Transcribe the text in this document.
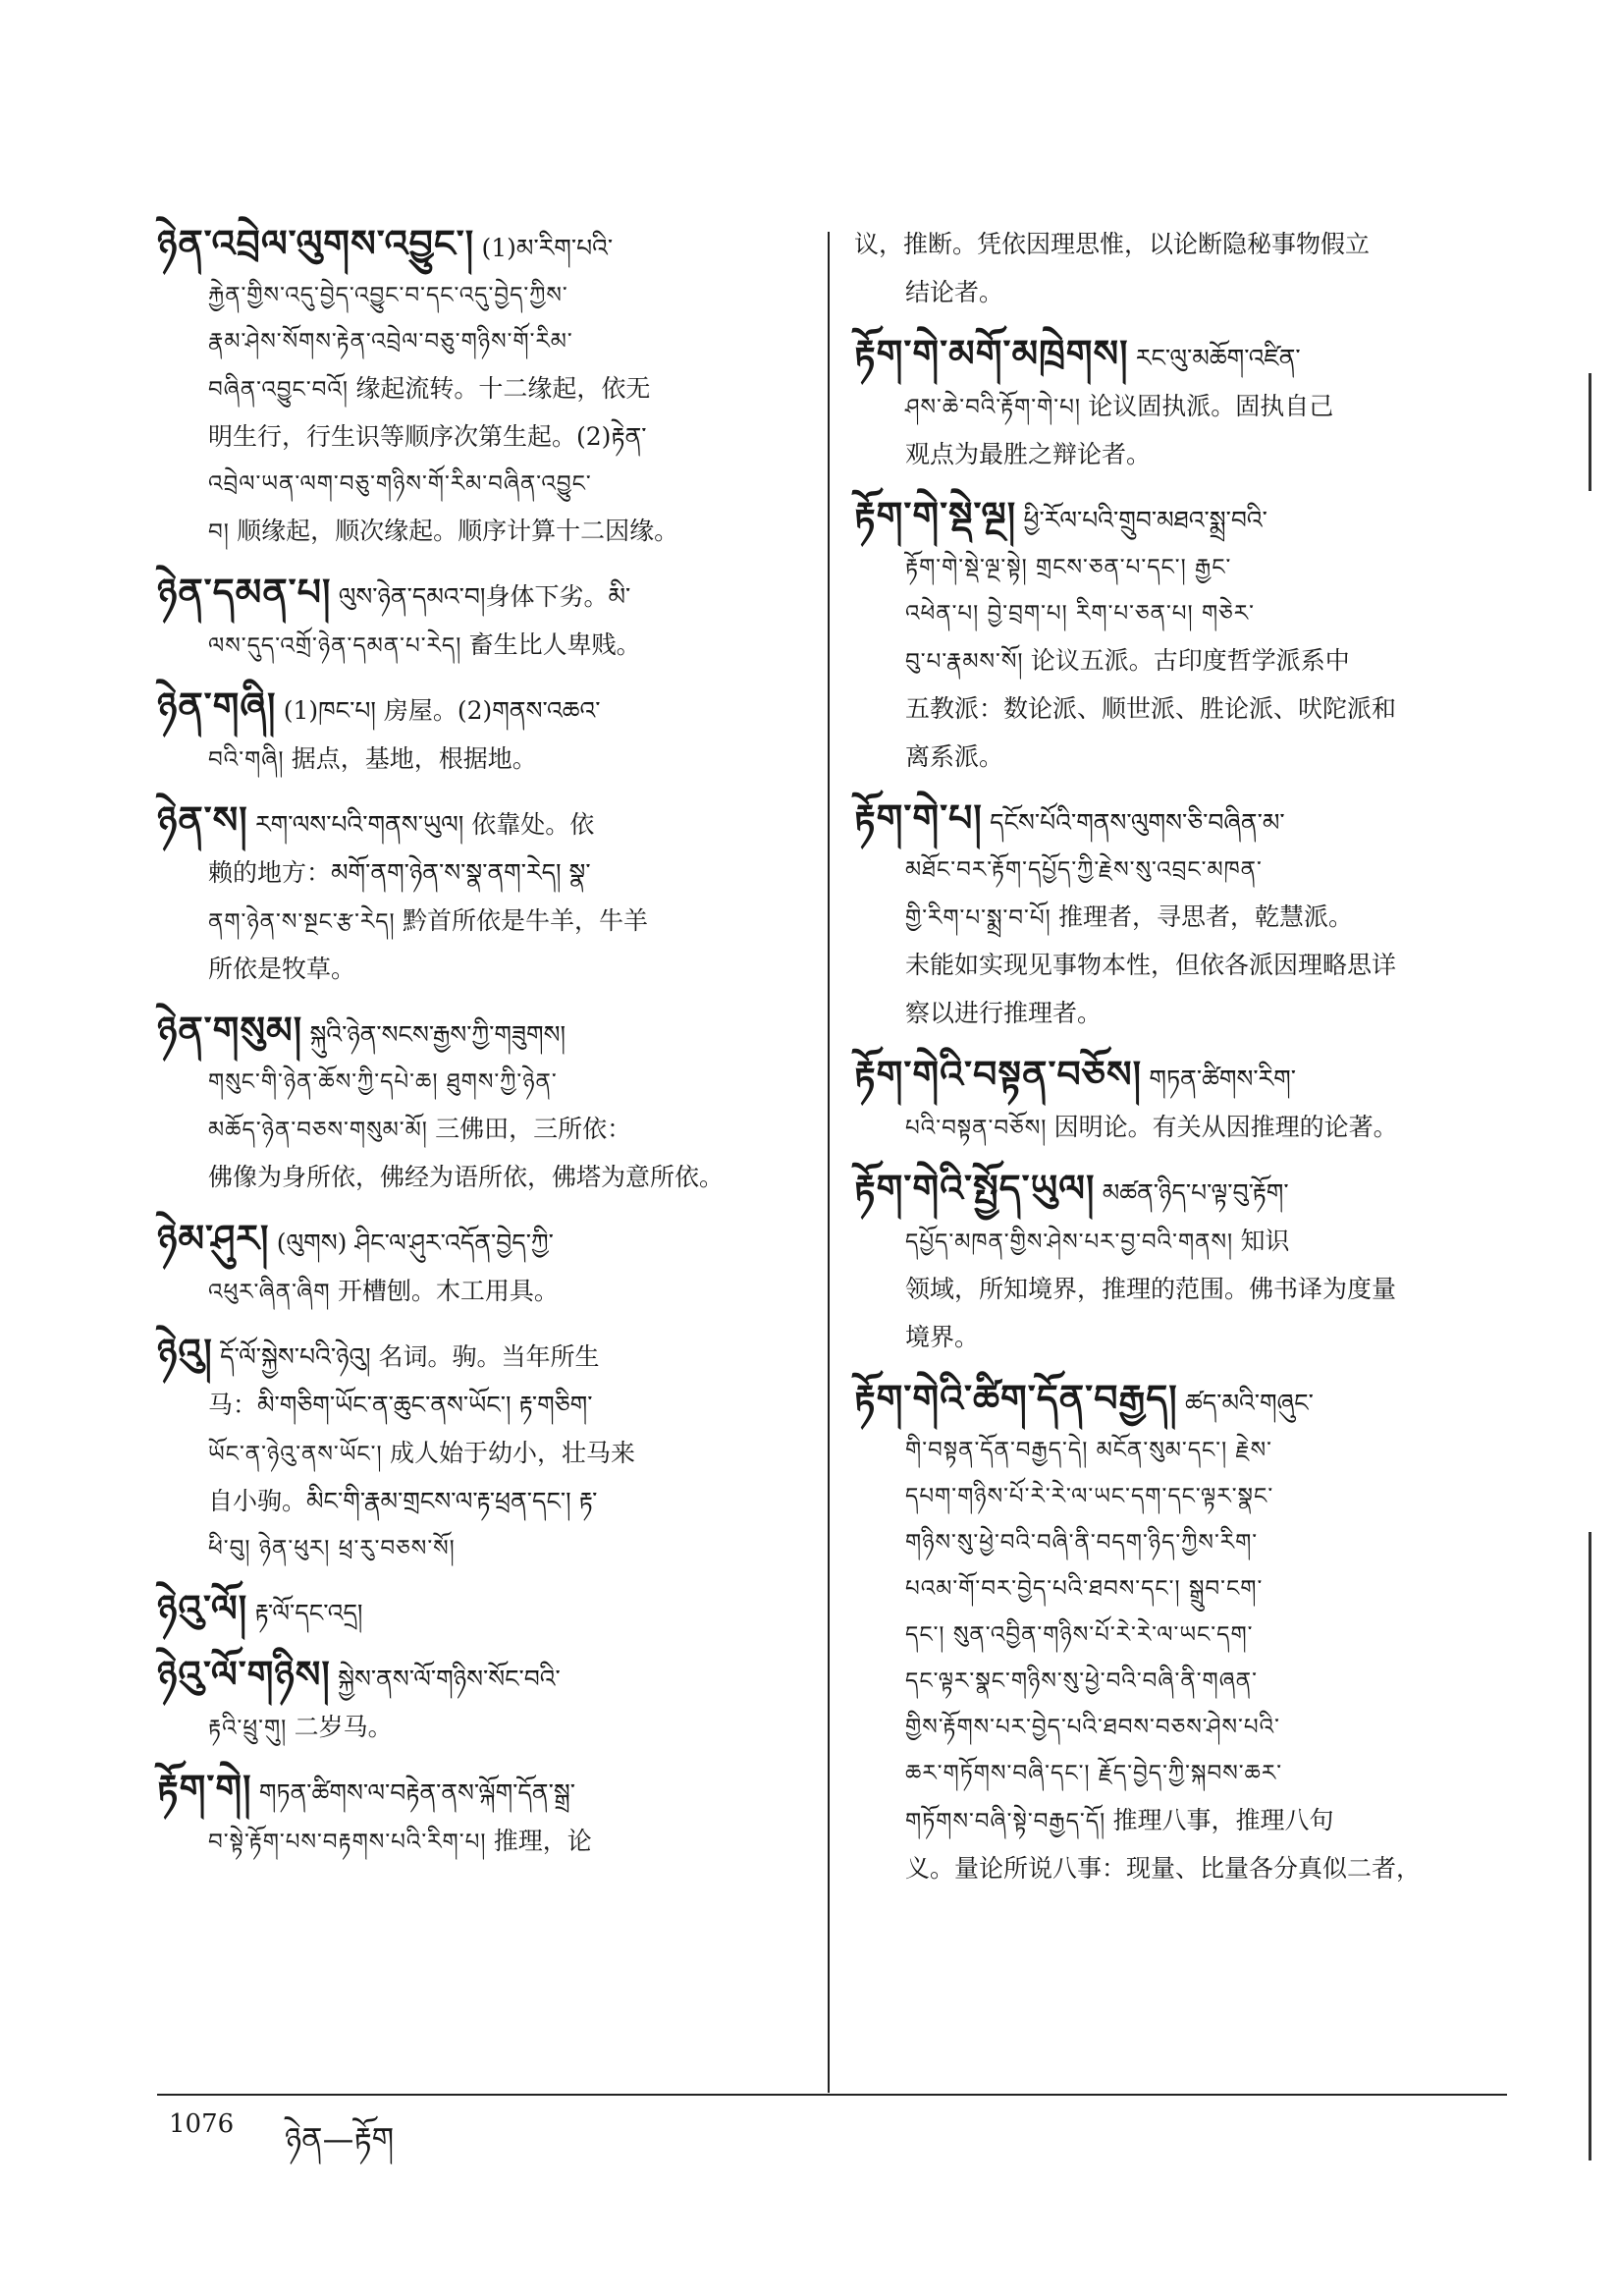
ཉེན་འབྲེལ་ལུགས་འབྱུང་། (1)མ་རིག་པའི་

རྐྱེན་གྱིས་འདུ་བྱེད་འབྱུང་བ་དང་འདུ་བྱེད་ཀྱིས་

རྣམ་ཤེས་སོགས་རྟེན་འབྲེལ་བཅུ་གཉིས་གོ་རིམ་

བཞིན་འབྱུང་བའོ། 缘起流转。十二缘起，依无

明生行，行生识等顺序次第生起。(2)རྟེན་

འབྲེལ་ཡན་ལག་བཅུ་གཉིས་གོ་རིམ་བཞིན་འབྱུང་

བ། 顺缘起，顺次缘起。顺序计算十二因缘。

ཉེན་དམན་པ། ལུས་ཉེན་དམའ་བ།身体下劣。མི་

ལས་དུད་འགྲོ་ཉེན་དམན་པ་རེད། 畜生比人卑贱。

ཉེན་གཞི། (1)ཁང་པ། 房屋。(2)གནས་འཆའ་

བའི་གཞི། 据点，基地，根据地。

ཉེན་ས། རག་ལས་པའི་གནས་ཡུལ། 依靠处。依

赖的地方：མགོ་ནག་ཉེན་ས་སྣ་ནག་རེད། སྣ་

ནག་ཉེན་ས་སྔང་རྩ་རེད། 黔首所依是牛羊，牛羊

所依是牧草。

ཉེན་གསུམ། སྐུའི་ཉེན་སངས་རྒྱས་ཀྱི་གཟུགས།

གསུང་གི་ཉེན་ཆོས་ཀྱི་དཔེ་ཆ། ཐུགས་ཀྱི་ཉེན་

མཆོད་ཉེན་བཅས་གསུམ་མོ། 三佛田，三所依：

佛像为身所依，佛经为语所依，佛塔为意所依。

ཉེམ་ཤུར། (ལུགས) ཤིང་ལ་ཤུར་འདོན་བྱེད་ཀྱི་

འཕུར་ཞིན་ཞིག 开槽刨。木工用具。

ཉེའུ། དོ་ལོ་སྐྱེས་པའི་ཉེའུ། 名词。驹。当年所生

马：མི་གཅིག་ཡོང་ན་ཆུང་ནས་ཡོང་། རྟ་གཅིག་

ཡོང་ན་ཉེའུ་ནས་ཡོང་། 成人始于幼小，壮马来

自小驹。མིང་གི་རྣམ་གྲངས་ལ་རྟ་ཕྲན་དང་། རྟ་

ཕི་བུ། ཉེན་ཕུར། ཕྲ་རུ་བཅས་སོ།

ཉེའུ་ལོ། རྟ་ལོ་དང་འདྲ།

ཉེའུ་ལོ་གཉིས། སྐྱེས་ནས་ལོ་གཉིས་སོང་བའི་

རྟའི་ཕྲུ་གུ། 二岁马。

རྟོག་གེ། གཏན་ཚིགས་ལ་བརྟེན་ནས་ལྐོག་དོན་སྒྲ་

བ་སྟེ་རྟོག་པས་བརྟགས་པའི་རིག་པ། 推理，论

议，推断。凭依因理思惟，以论断隐秘事物假立

结论者。

རྟོག་གེ་མགོ་མཁྲེགས། རང་ལུ་མཆོག་འཛིན་

ཤས་ཆེ་བའི་རྟོག་གེ་པ། 论议固执派。固执自己

观点为最胜之辩论者。

རྟོག་གེ་སྡེ་ལྔ། ཕྱི་རོལ་པའི་གྲུབ་མཐའ་སྨྲ་བའི་

རྟོག་གེ་སྡེ་ལྔ་སྟེ། གྲངས་ཅན་པ་དང་། རྒྱང་

འཕེན་པ། བྱེ་བྲག་པ། རིག་པ་ཅན་པ། གཅེར་

བུ་པ་རྣམས་སོ། 论议五派。古印度哲学派系中

五教派：数论派、顺世派、胜论派、吠陀派和

离系派。

རྟོག་གེ་པ། དངོས་པོའི་གནས་ལུགས་ཅི་བཞིན་མ་

མཐོང་བར་རྟོག་དཔྱོད་ཀྱི་རྗེས་སུ་འབྲང་མཁན་

གྱི་རིག་པ་སྨྲ་བ་པོ། 推理者，寻思者，乾慧派。

未能如实现见事物本性，但依各派因理略思详

察以进行推理者。

རྟོག་གེའི་བསྟན་བཅོས། གཏན་ཚིགས་རིག་

པའི་བསྟན་བཅོས། 因明论。有关从因推理的论著。

རྟོག་གེའི་སྤྱོད་ཡུལ། མཚན་ཉིད་པ་ལྟ་བུ་རྟོག་

དཔྱོད་མཁན་གྱིས་ཤེས་པར་བྱ་བའི་གནས། 知识

领域，所知境界，推理的范围。佛书译为度量

境界。

རྟོག་གེའི་ཚིག་དོན་བརྒྱད། ཚད་མའི་གཞུང་

གི་བསྟན་དོན་བརྒྱད་དེ། མངོན་སུམ་དང་། རྗེས་

དཔག་གཉིས་པོ་རེ་རེ་ལ་ཡང་དག་དང་ལྟར་སྣང་

གཉིས་སུ་ཕྱེ་བའི་བཞི་ནི་བདག་ཉིད་ཀྱིས་རིག་

པའམ་གོ་བར་བྱེད་པའི་ཐབས་དང་། སྒྲུབ་ངག་

དང་། སུན་འབྱིན་གཉིས་པོ་རེ་རེ་ལ་ཡང་དག་

དང་ལྟར་སྣང་གཉིས་སུ་ཕྱེ་བའི་བཞི་ནི་གཞན་

གྱིས་རྟོགས་པར་བྱེད་པའི་ཐབས་བཅས་ཤེས་པའི་

ཆར་གཏོགས་བཞི་དང་། རྗོད་བྱེད་ཀྱི་སྐབས་ཆར་

གཏོགས་བཞི་སྟེ་བརྒྱད་དོ། 推理八事，推理八句

义。量论所说八事：现量、比量各分真似二者，

1076 ཉེན—རྟོག
